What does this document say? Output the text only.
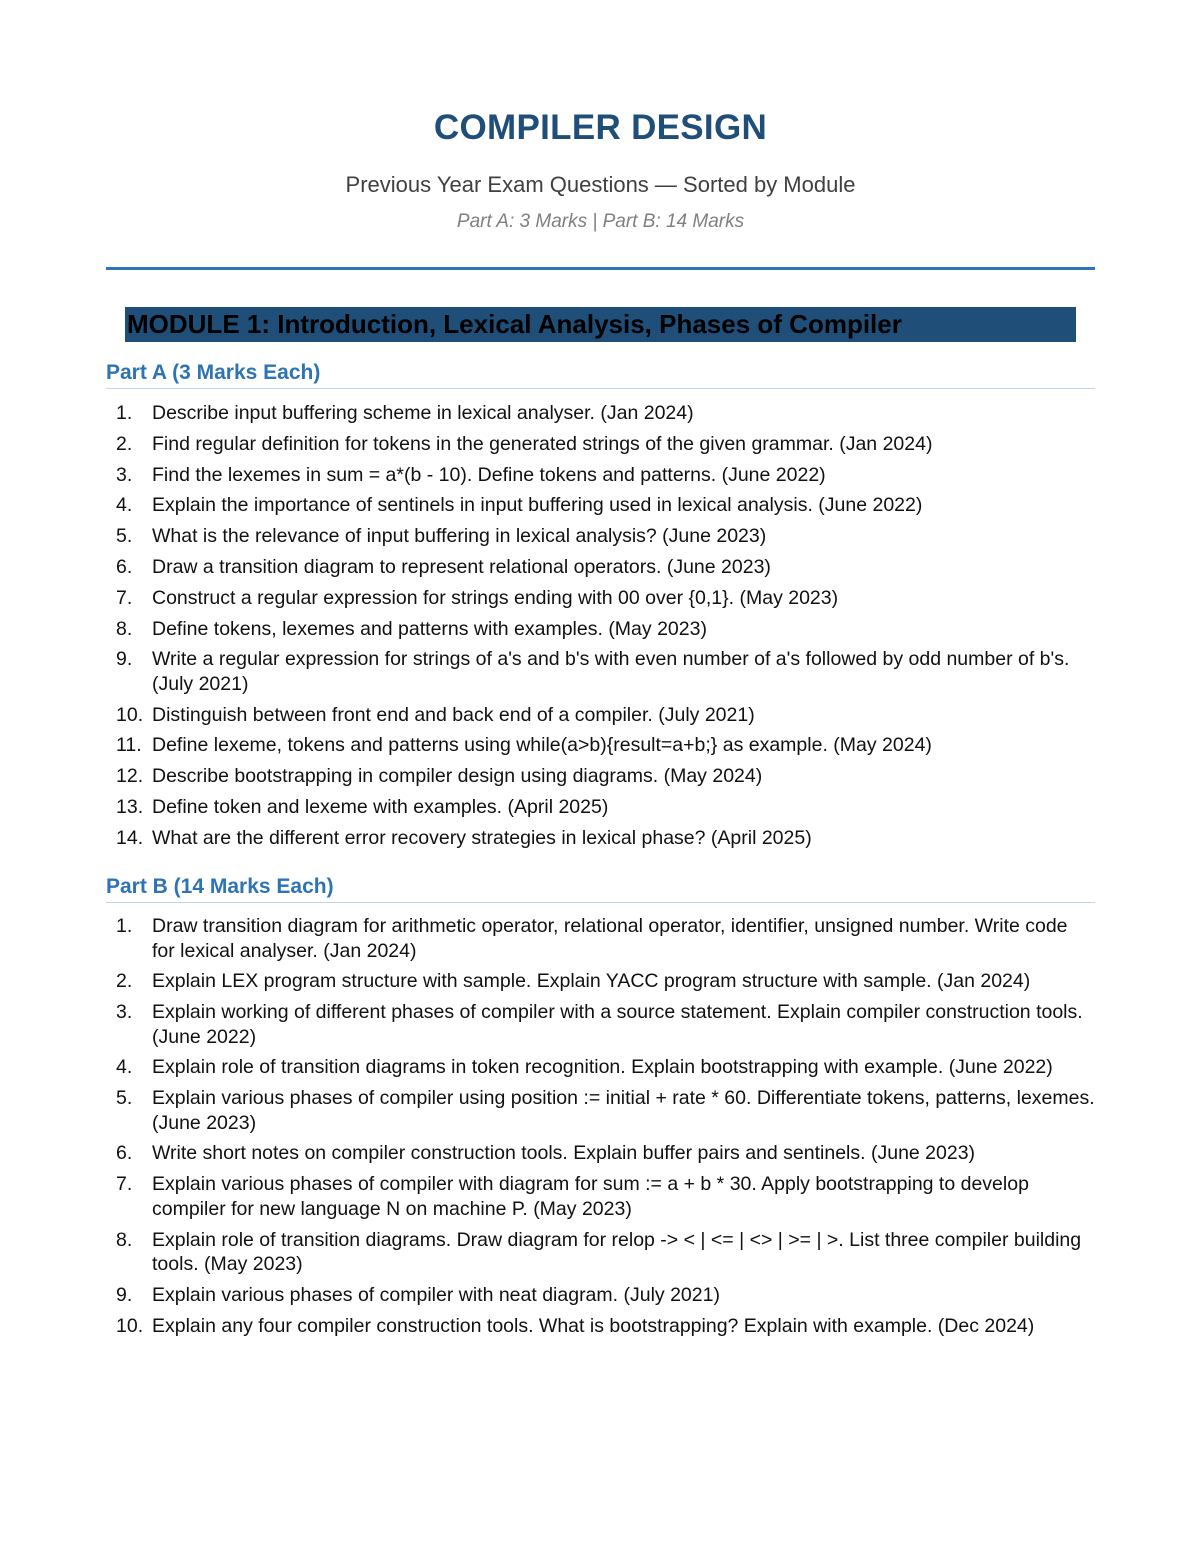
COMPILER DESIGN
Previous Year Exam Questions — Sorted by Module
Part A: 3 Marks | Part B: 14 Marks
MODULE 1: Introduction, Lexical Analysis, Phases of Compiler
Part A (3 Marks Each)
1.	Describe input buffering scheme in lexical analyser. (Jan 2024)
2.	Find regular definition for tokens in the generated strings of the given grammar. (Jan 2024)
3.	Find the lexemes in sum = a*(b - 10). Define tokens and patterns. (June 2022)
4.	Explain the importance of sentinels in input buffering used in lexical analysis. (June 2022)
5.	What is the relevance of input buffering in lexical analysis? (June 2023)
6.	Draw a transition diagram to represent relational operators. (June 2023)
7.	Construct a regular expression for strings ending with 00 over {0,1}. (May 2023)
8.	Define tokens, lexemes and patterns with examples. (May 2023)
9.	Write a regular expression for strings of a's and b's with even number of a's followed by odd number of b's. (July 2021)
10. Distinguish between front end and back end of a compiler. (July 2021)
11. Define lexeme, tokens and patterns using while(a>b){result=a+b;} as example. (May 2024)
12. Describe bootstrapping in compiler design using diagrams. (May 2024)
13. Define token and lexeme with examples. (April 2025)
14. What are the different error recovery strategies in lexical phase? (April 2025)
Part B (14 Marks Each)
1.	Draw transition diagram for arithmetic operator, relational operator, identifier, unsigned number. Write code for lexical analyser. (Jan 2024)
2.	Explain LEX program structure with sample. Explain YACC program structure with sample. (Jan 2024)
3.	Explain working of different phases of compiler with a source statement. Explain compiler construction tools. (June 2022)
4.	Explain role of transition diagrams in token recognition. Explain bootstrapping with example. (June 2022)
5.	Explain various phases of compiler using position := initial + rate * 60. Differentiate tokens, patterns, lexemes. (June 2023)
6.	Write short notes on compiler construction tools. Explain buffer pairs and sentinels. (June 2023)
7.	Explain various phases of compiler with diagram for sum := a + b * 30. Apply bootstrapping to develop compiler for new language N on machine P. (May 2023)
8.	Explain role of transition diagrams. Draw diagram for relop -> < | <= | <> | >= | >. List three compiler building tools. (May 2023)
9.	Explain various phases of compiler with neat diagram. (July 2021)
10. Explain any four compiler construction tools. What is bootstrapping? Explain with example. (Dec 2024)
